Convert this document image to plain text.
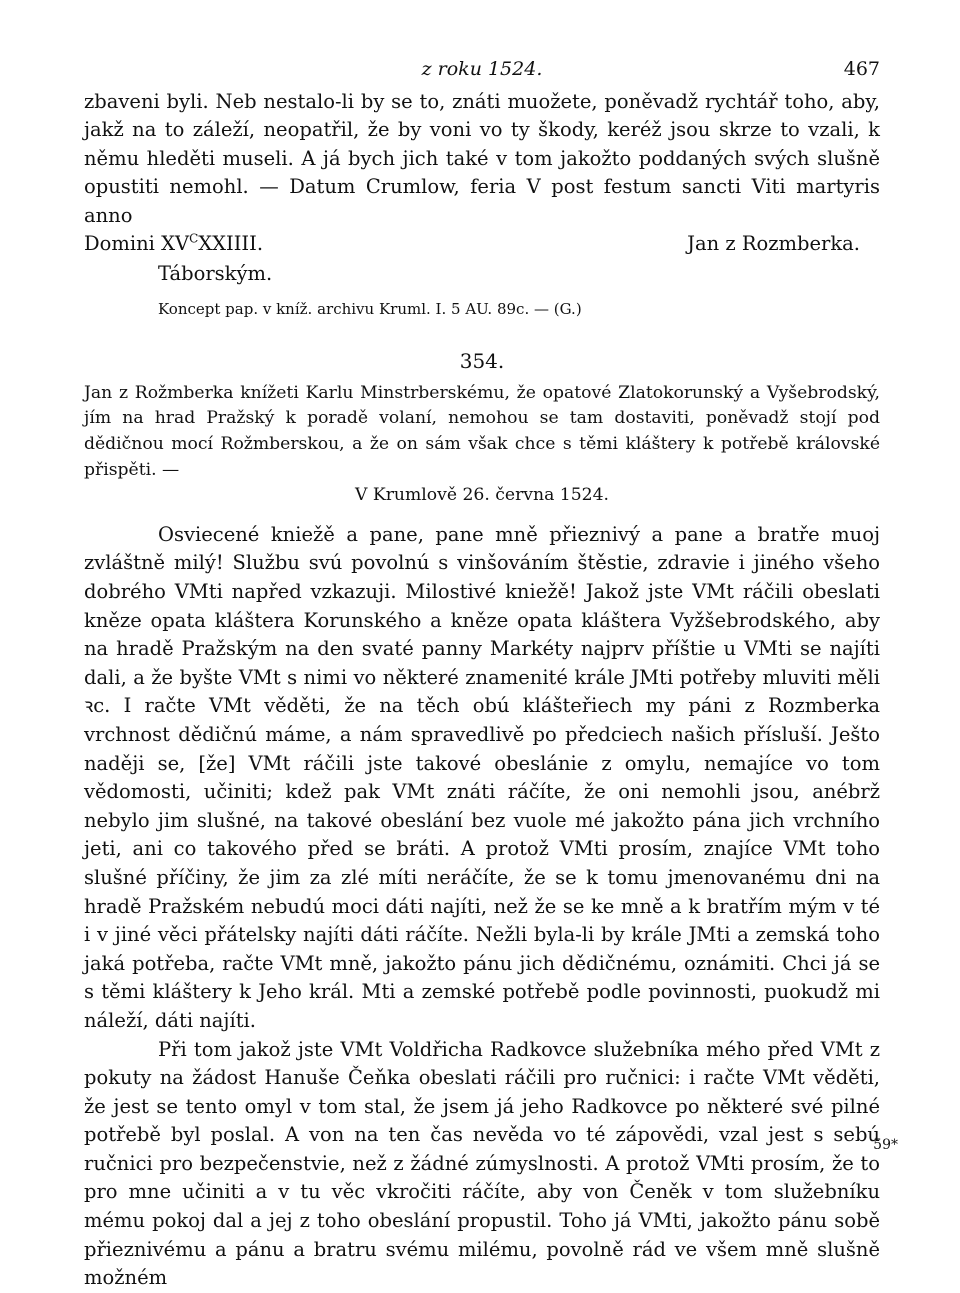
z roku 1524.	467

zbaveni byli. Neb nestalo-li by se to, znáti muožete, poněvadž rychtář toho, aby, jakž na to záleží, neopatřil, že by voni vo ty škody, keréž jsou skrze to vzali, k němu hleděti museli. A já bych jich také v tom jakožto poddaných svých slušně opustiti nemohl. — Datum Crumlow, feria V post festum sancti Viti martyris anno

Domini $XV^CXXIIII$.	Jan z Rozmberka.
Táborským.
Koncept pap. v kníž. archivu Kruml. I. 5 AU. 89c. — (G.)
354.

Jan z Rožmberka knížeti Karlu Minstrberskému, že opatové Zlatokorunský a Vyšebrodský, jím na hrad Pražský k poradě volaní, nemohou se tam dostaviti, poněvadž stojí pod dědičnou mocí Rožmberskou, a že on sám však chce s těmi kláštery k potřebě královské přispěti. —

V Krumlově 26. června 1524.

Osviecené kniežě a pane, pane mně přieznivý a pane a bratře muoj zvláštně milý! Službu svú povolnú s vinšováním štěstie, zdravie i jiného všeho dobrého VMti napřed vzkazuji. Milostivé kniežě! Jakož jste VMt ráčili obeslati kněze opata kláštera Korunského a kněze opata kláštera Vyžšebrodského, aby na hradě Pražským na den svaté panny Markéty najprv příštie u VMti se najíti dali, a že byšte VMt s nimi vo některé znamenité krále JMti potřeby mluviti měli ꝛc. I račte VMt věděti, že na těch obú klášteřiech my páni z Rozmberka vrchnost dědičnú máme, a nám spravedlivě po předciech našich přísluší. Ješto naději se, [že] VMt ráčili jste takové obeslánie z omylu, nemajíce vo tom vědomosti, učiniti; kdež pak VMt znáti ráčíte, že oni nemohli jsou, anébrž nebylo jim slušné, na takové obeslání bez vuole mé jakožto pána jich vrchního jeti, ani co takového před se bráti. A protož VMti prosím, znajíce VMt toho slušné příčiny, že jim za zlé míti neráčíte, že se k tomu jmenovanému dni na hradě Pražském nebudú moci dáti najíti, než že se ke mně a k bratřím mým v té i v jiné věci přátelsky najíti dáti ráčíte. Nežli byla-li by krále JMti a zemská toho jaká potřeba, račte VMt mně, jakožto pánu jich dědičnému, oznámiti. Chci já se s těmi kláštery k Jeho král. Mti a zemské potřebě podle povinnosti, puokudž mi náleží, dáti najíti.

Při tom jakož jste VMt Voldřicha Radkovce služebníka mého před VMt z pokuty na žádost Hanuše Čeňka obeslati ráčili pro ručnici: i račte VMt věděti, že jest se tento omyl v tom stal, že jsem já jeho Radkovce po některé své pilné potřebě byl poslal. A von na ten čas nevěda vo té zápovědi, vzal jest s sebú ručnici pro bezpečenstvie, než z žádné zúmyslnosti. A protož VMti prosím, že to pro mne učiniti a v tu věc vkročiti ráčíte, aby von Čeněk v tom služebníku mému pokoj dal a jej z toho obeslání propustil. Toho já VMti, jakožto pánu sobě přieznivému a pánu a bratru svému milému, povolně rád ve všem mně slušně možném

59*
